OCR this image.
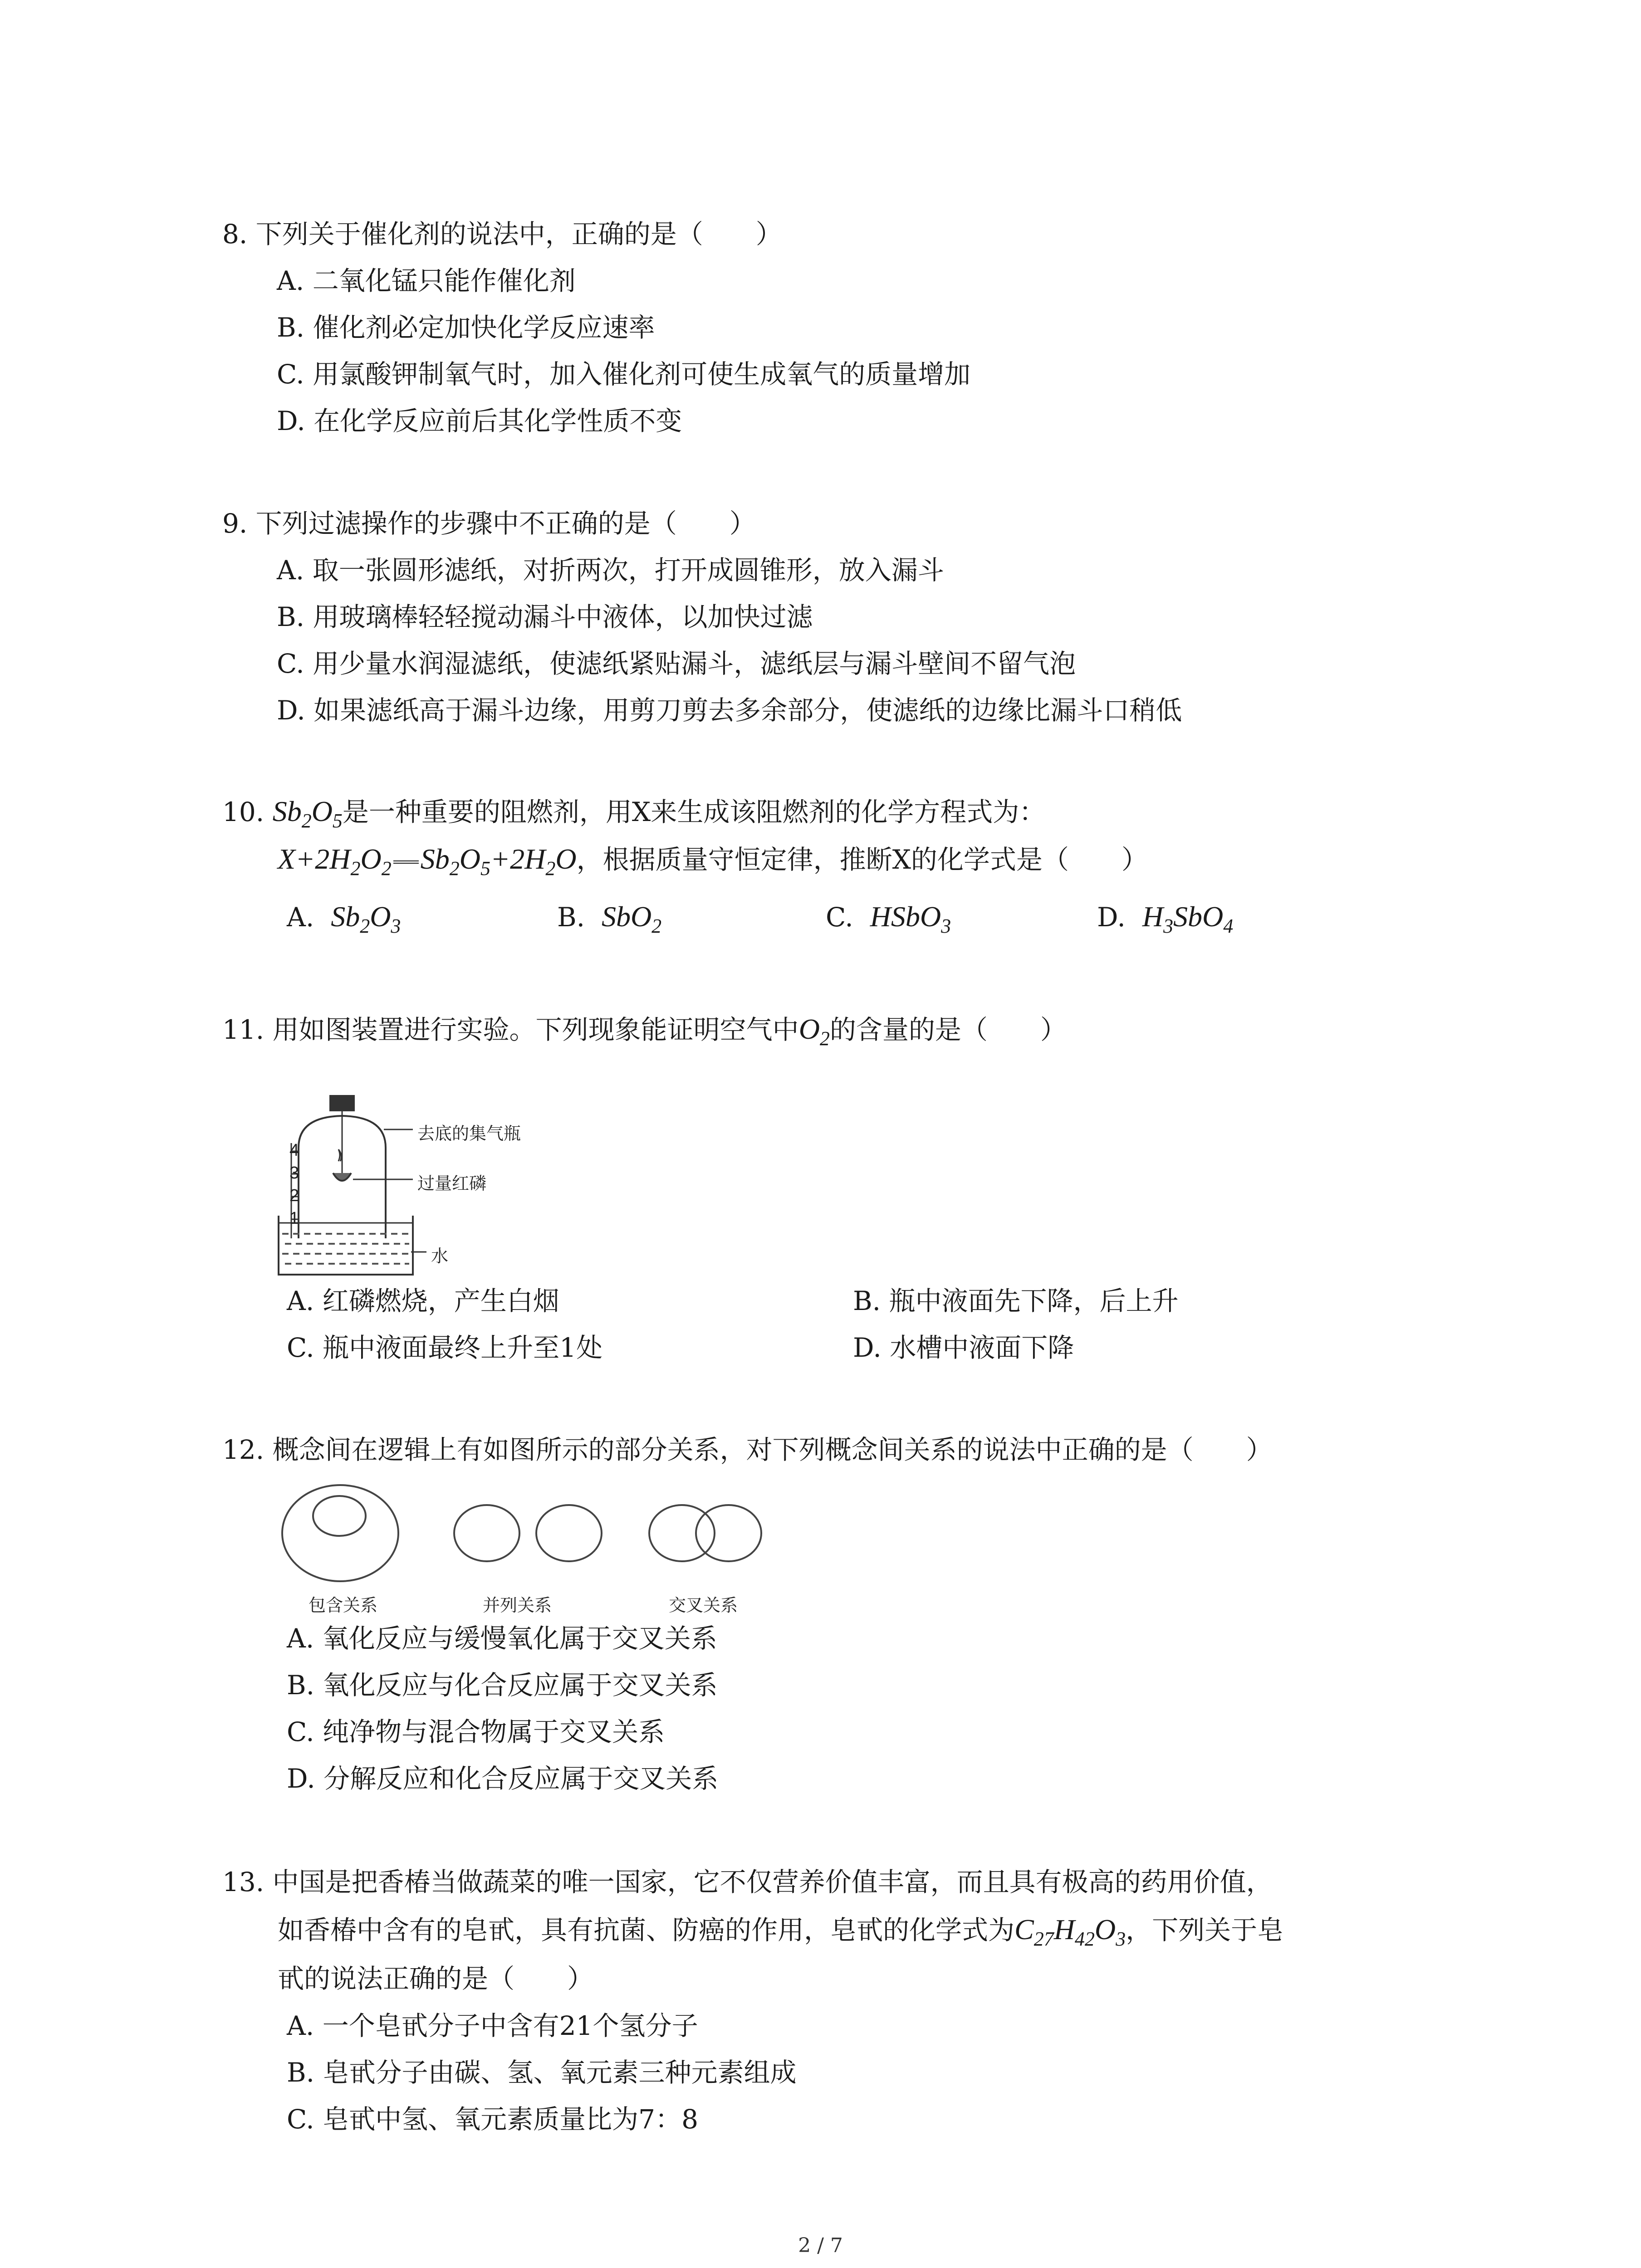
8. 下列关于催化剂的说法中，正确的是（　　）
A. 二氧化锰只能作催化剂
B. 催化剂必定加快化学反应速率
C. 用氯酸钾制氧气时，加入催化剂可使生成氧气的质量增加
D. 在化学反应前后其化学性质不变
9. 下列过滤操作的步骤中不正确的是（　　）
A. 取一张圆形滤纸，对折两次，打开成圆锥形，放入漏斗
B. 用玻璃棒轻轻搅动漏斗中液体，以加快过滤
C. 用少量水润湿滤纸，使滤纸紧贴漏斗，滤纸层与漏斗壁间不留气泡
D. 如果滤纸高于漏斗边缘，用剪刀剪去多余部分，使滤纸的边缘比漏斗口稍低
10. $Sb_2O_5$是一种重要的阻燃剂，用X来生成该阻燃剂的化学方程式为：
$X+2H_2O_2$ $Sb_2O_5+2H_2O$，根据质量守恒定律，推断X的化学式是（　　）
A. $Sb_2O_3$	B. SbO$_2$	C. HSbO$_3$	D. $H_3SbO_4$
11. 用如图装置进行实验。下列现象能证明空气中$O_2$的含量的是（　　）
4
3
2
1
去底的集气瓶
过量红磷
水
A. 红磷燃烧，产生白烟	B. 瓶中液面先下降，后上升
C. 瓶中液面最终上升至1处	D. 水槽中液面下降
12. 概念间在逻辑上有如图所示的部分关系，对下列概念间关系的说法中正确的是（　　）
包含关系	并列关系	交叉关系
A. 氧化反应与缓慢氧化属于交叉关系
B. 氧化反应与化合反应属于交叉关系
C. 纯净物与混合物属于交叉关系
D. 分解反应和化合反应属于交叉关系
13. 中国是把香椿当做蔬菜的唯一国家，它不仅营养价值丰富，而且具有极高的药用价值，
如香椿中含有的皂甙，具有抗菌、防癌的作用，皂甙的化学式为$C_{27}H_{42}O_3$，下列关于皂
甙的说法正确的是（　　）
A. 一个皂甙分子中含有21个氢分子
B. 皂甙分子由碳、氢、氧元素三种元素组成
C. 皂甙中氢、氧元素质量比为7：8
2 / 7
